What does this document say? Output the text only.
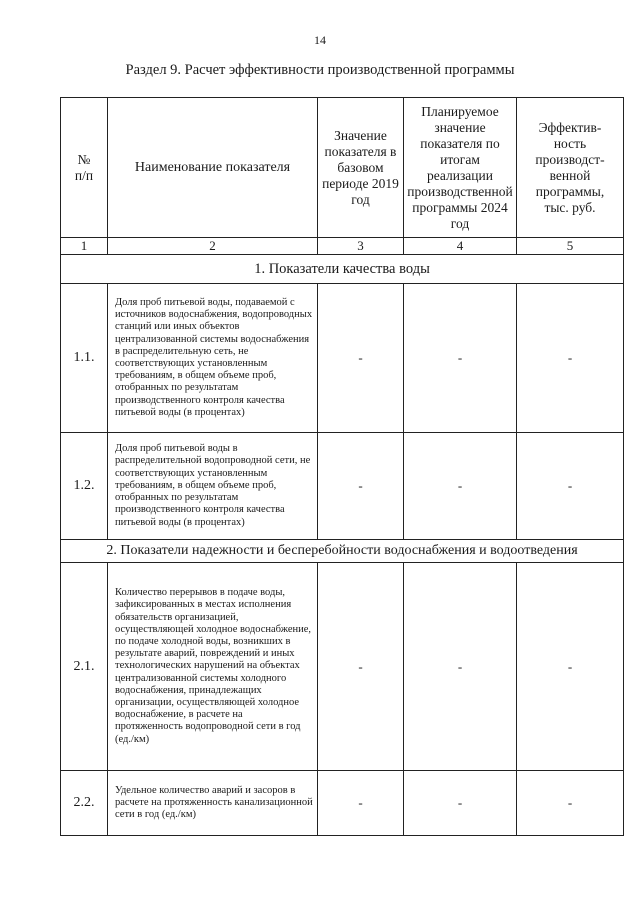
14
Раздел 9. Расчет эффективности производственной программы
№ п/п	Наименование показателя	Значение показателя в базовом периоде 2019 год	Планируемое значение показателя по итогам реализации производственной программы 2024 год	Эффектив-ность производст-венной программы, тыс. руб.
1	2	3	4	5
1. Показатели качества воды				
1.1.	Доля проб питьевой воды, подаваемой с источников водоснабжения, водопроводных станций или иных объектов централизованной системы водоснабжения в распределительную сеть, не соответствующих установленным требованиям, в общем объеме проб, отобранных по результатам производственного контроля качества питьевой воды (в процентах)	-	-	-
1.2.	Доля проб питьевой воды в распределительной водопроводной сети, не соответствующих установленным требованиям, в общем объеме проб, отобранных по результатам производственного контроля качества питьевой воды (в процентах)	-	-	-
2. Показатели надежности и бесперебойности водоснабжения и водоотведения				
2.1.	Количество перерывов в подаче воды, зафиксированных в местах исполнения обязательств организацией, осуществляющей холодное водоснабжение, по подаче холодной воды, возникших в результате аварий, повреждений и иных технологических нарушений на объектах централизованной системы холодного водоснабжения, принадлежащих организации, осуществляющей холодное водоснабжение, в расчете на протяженность водопроводной сети в год (ед./км)	-	-	-
2.2.	Удельное количество аварий и засоров в расчете на протяженность канализационной сети в год (ед./км)	-	-	-
